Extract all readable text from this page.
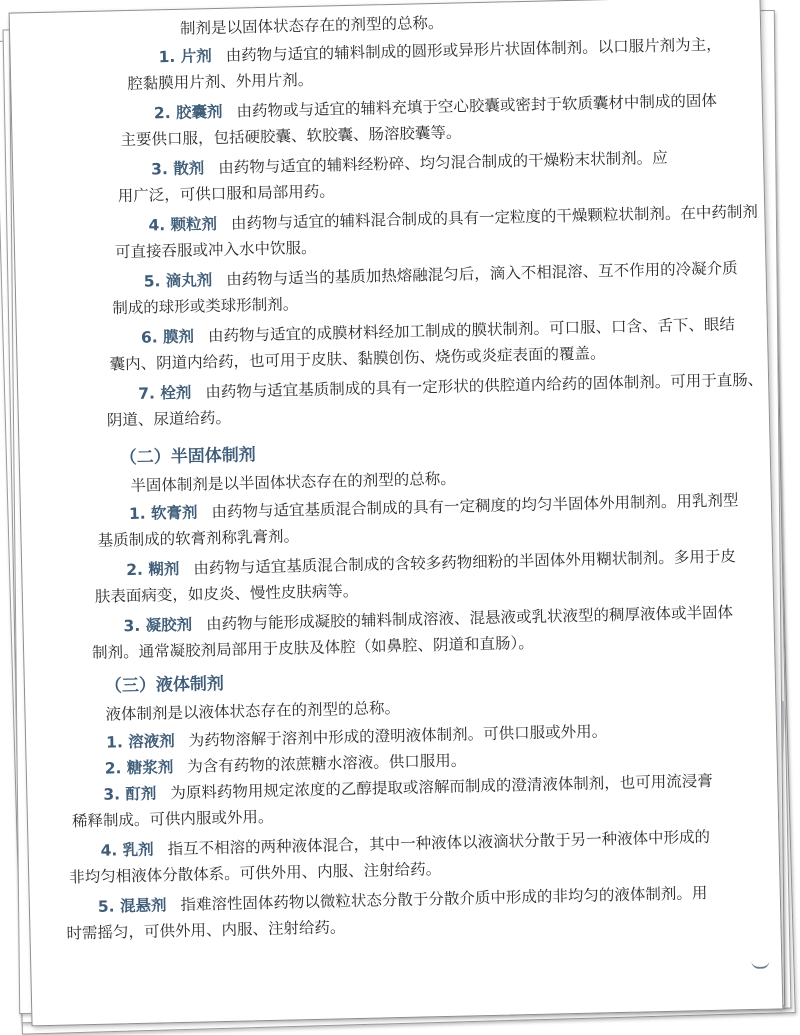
制剂是以固体状态存在的剂型的总称。
1. 片剂 由药物与适宜的辅料制成的圆形或异形片状固体制剂。以口服片剂为主，
腔黏膜用片剂、外用片剂。
2. 胶囊剂 由药物或与适宜的辅料充填于空心胶囊或密封于软质囊材中制成的固体
主要供口服，包括硬胶囊、软胶囊、肠溶胶囊等。
3. 散剂 由药物与适宜的辅料经粉碎、均匀混合制成的干燥粉末状制剂。应
用广泛，可供口服和局部用药。
4. 颗粒剂 由药物与适宜的辅料混合制成的具有一定粒度的干燥颗粒状制剂。在中药制剂
可直接吞服或冲入水中饮服。
5. 滴丸剂 由药物与适当的基质加热熔融混匀后，滴入不相混溶、互不作用的冷凝介质
制成的球形或类球形制剂。
6. 膜剂 由药物与适宜的成膜材料经加工制成的膜状制剂。可口服、口含、舌下、眼结
囊内、阴道内给药，也可用于皮肤、黏膜创伤、烧伤或炎症表面的覆盖。
7. 栓剂 由药物与适宜基质制成的具有一定形状的供腔道内给药的固体制剂。可用于直肠、
阴道、尿道给药。
（二）半固体制剂
半固体制剂是以半固体状态存在的剂型的总称。
1. 软膏剂 由药物与适宜基质混合制成的具有一定稠度的均匀半固体外用制剂。用乳剂型
基质制成的软膏剂称乳膏剂。
2. 糊剂 由药物与适宜基质混合制成的含较多药物细粉的半固体外用糊状制剂。多用于皮
肤表面病变，如皮炎、慢性皮肤病等。
3. 凝胶剂 由药物与能形成凝胶的辅料制成溶液、混悬液或乳状液型的稠厚液体或半固体
制剂。通常凝胶剂局部用于皮肤及体腔（如鼻腔、阴道和直肠）。
（三）液体制剂
液体制剂是以液体状态存在的剂型的总称。
1. 溶液剂 为药物溶解于溶剂中形成的澄明液体制剂。可供口服或外用。
2. 糖浆剂 为含有药物的浓蔗糖水溶液。供口服用。
3. 酊剂 为原料药物用规定浓度的乙醇提取或溶解而制成的澄清液体制剂，也可用流浸膏
稀释制成。可供内服或外用。
4. 乳剂 指互不相溶的两种液体混合，其中一种液体以液滴状分散于另一种液体中形成的
非均匀相液体分散体系。可供外用、内服、注射给药。
5. 混悬剂 指难溶性固体药物以微粒状态分散于分散介质中形成的非均匀的液体制剂。用
时需摇匀，可供外用、内服、注射给药。
